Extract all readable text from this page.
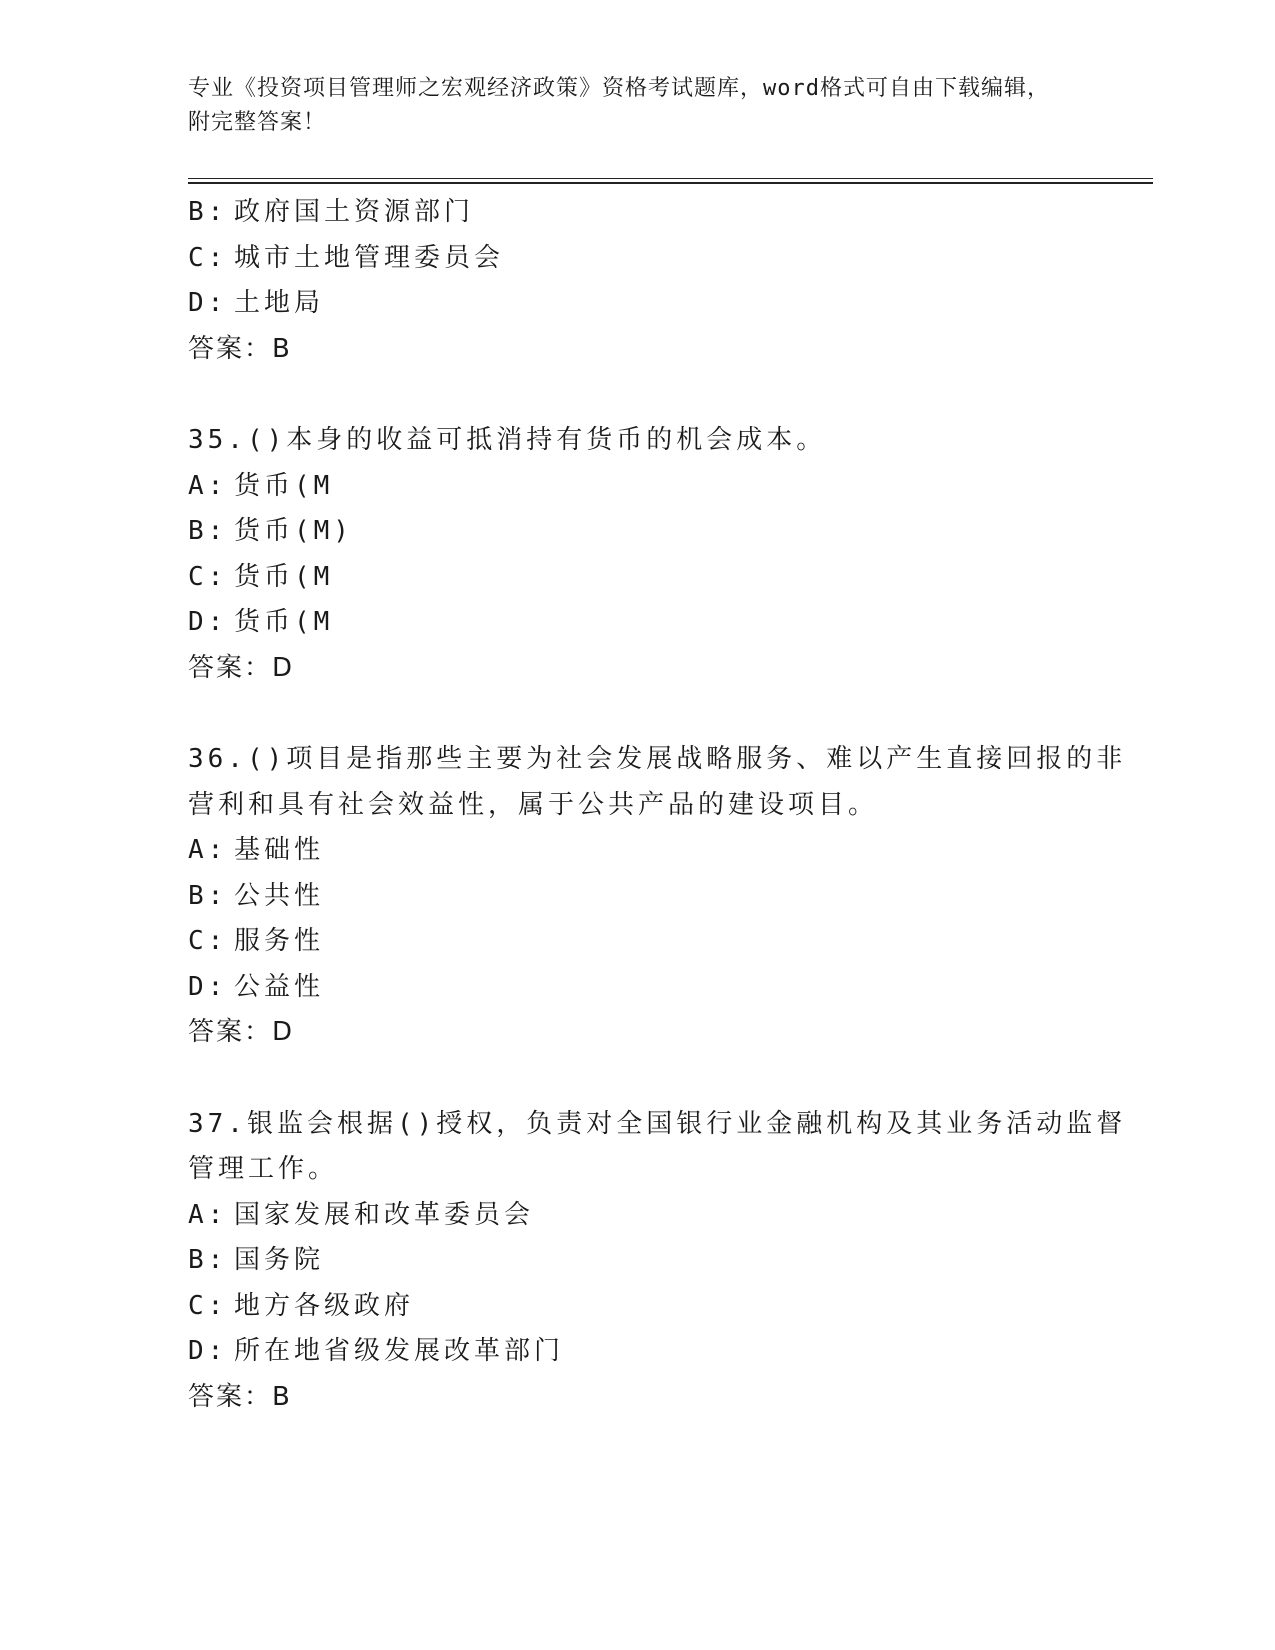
专业《投资项目管理师之宏观经济政策》资格考试题库，word格式可自由下载编辑，附完整答案！
B: 政府国土资源部门
C: 城市土地管理委员会
D: 土地局
答案：B
35.()本身的收益可抵消持有货币的机会成本。
A: 货币(M
B: 货币(M)
C: 货币(M
D: 货币(M
答案：D
36.()项目是指那些主要为社会发展战略服务、难以产生直接回报的非
营利和具有社会效益性，属于公共产品的建设项目。
A: 基础性
B: 公共性
C: 服务性
D: 公益性
答案：D
37.银监会根据()授权，负责对全国银行业金融机构及其业务活动监督
管理工作。
A: 国家发展和改革委员会
B: 国务院
C: 地方各级政府
D: 所在地省级发展改革部门
答案：B
